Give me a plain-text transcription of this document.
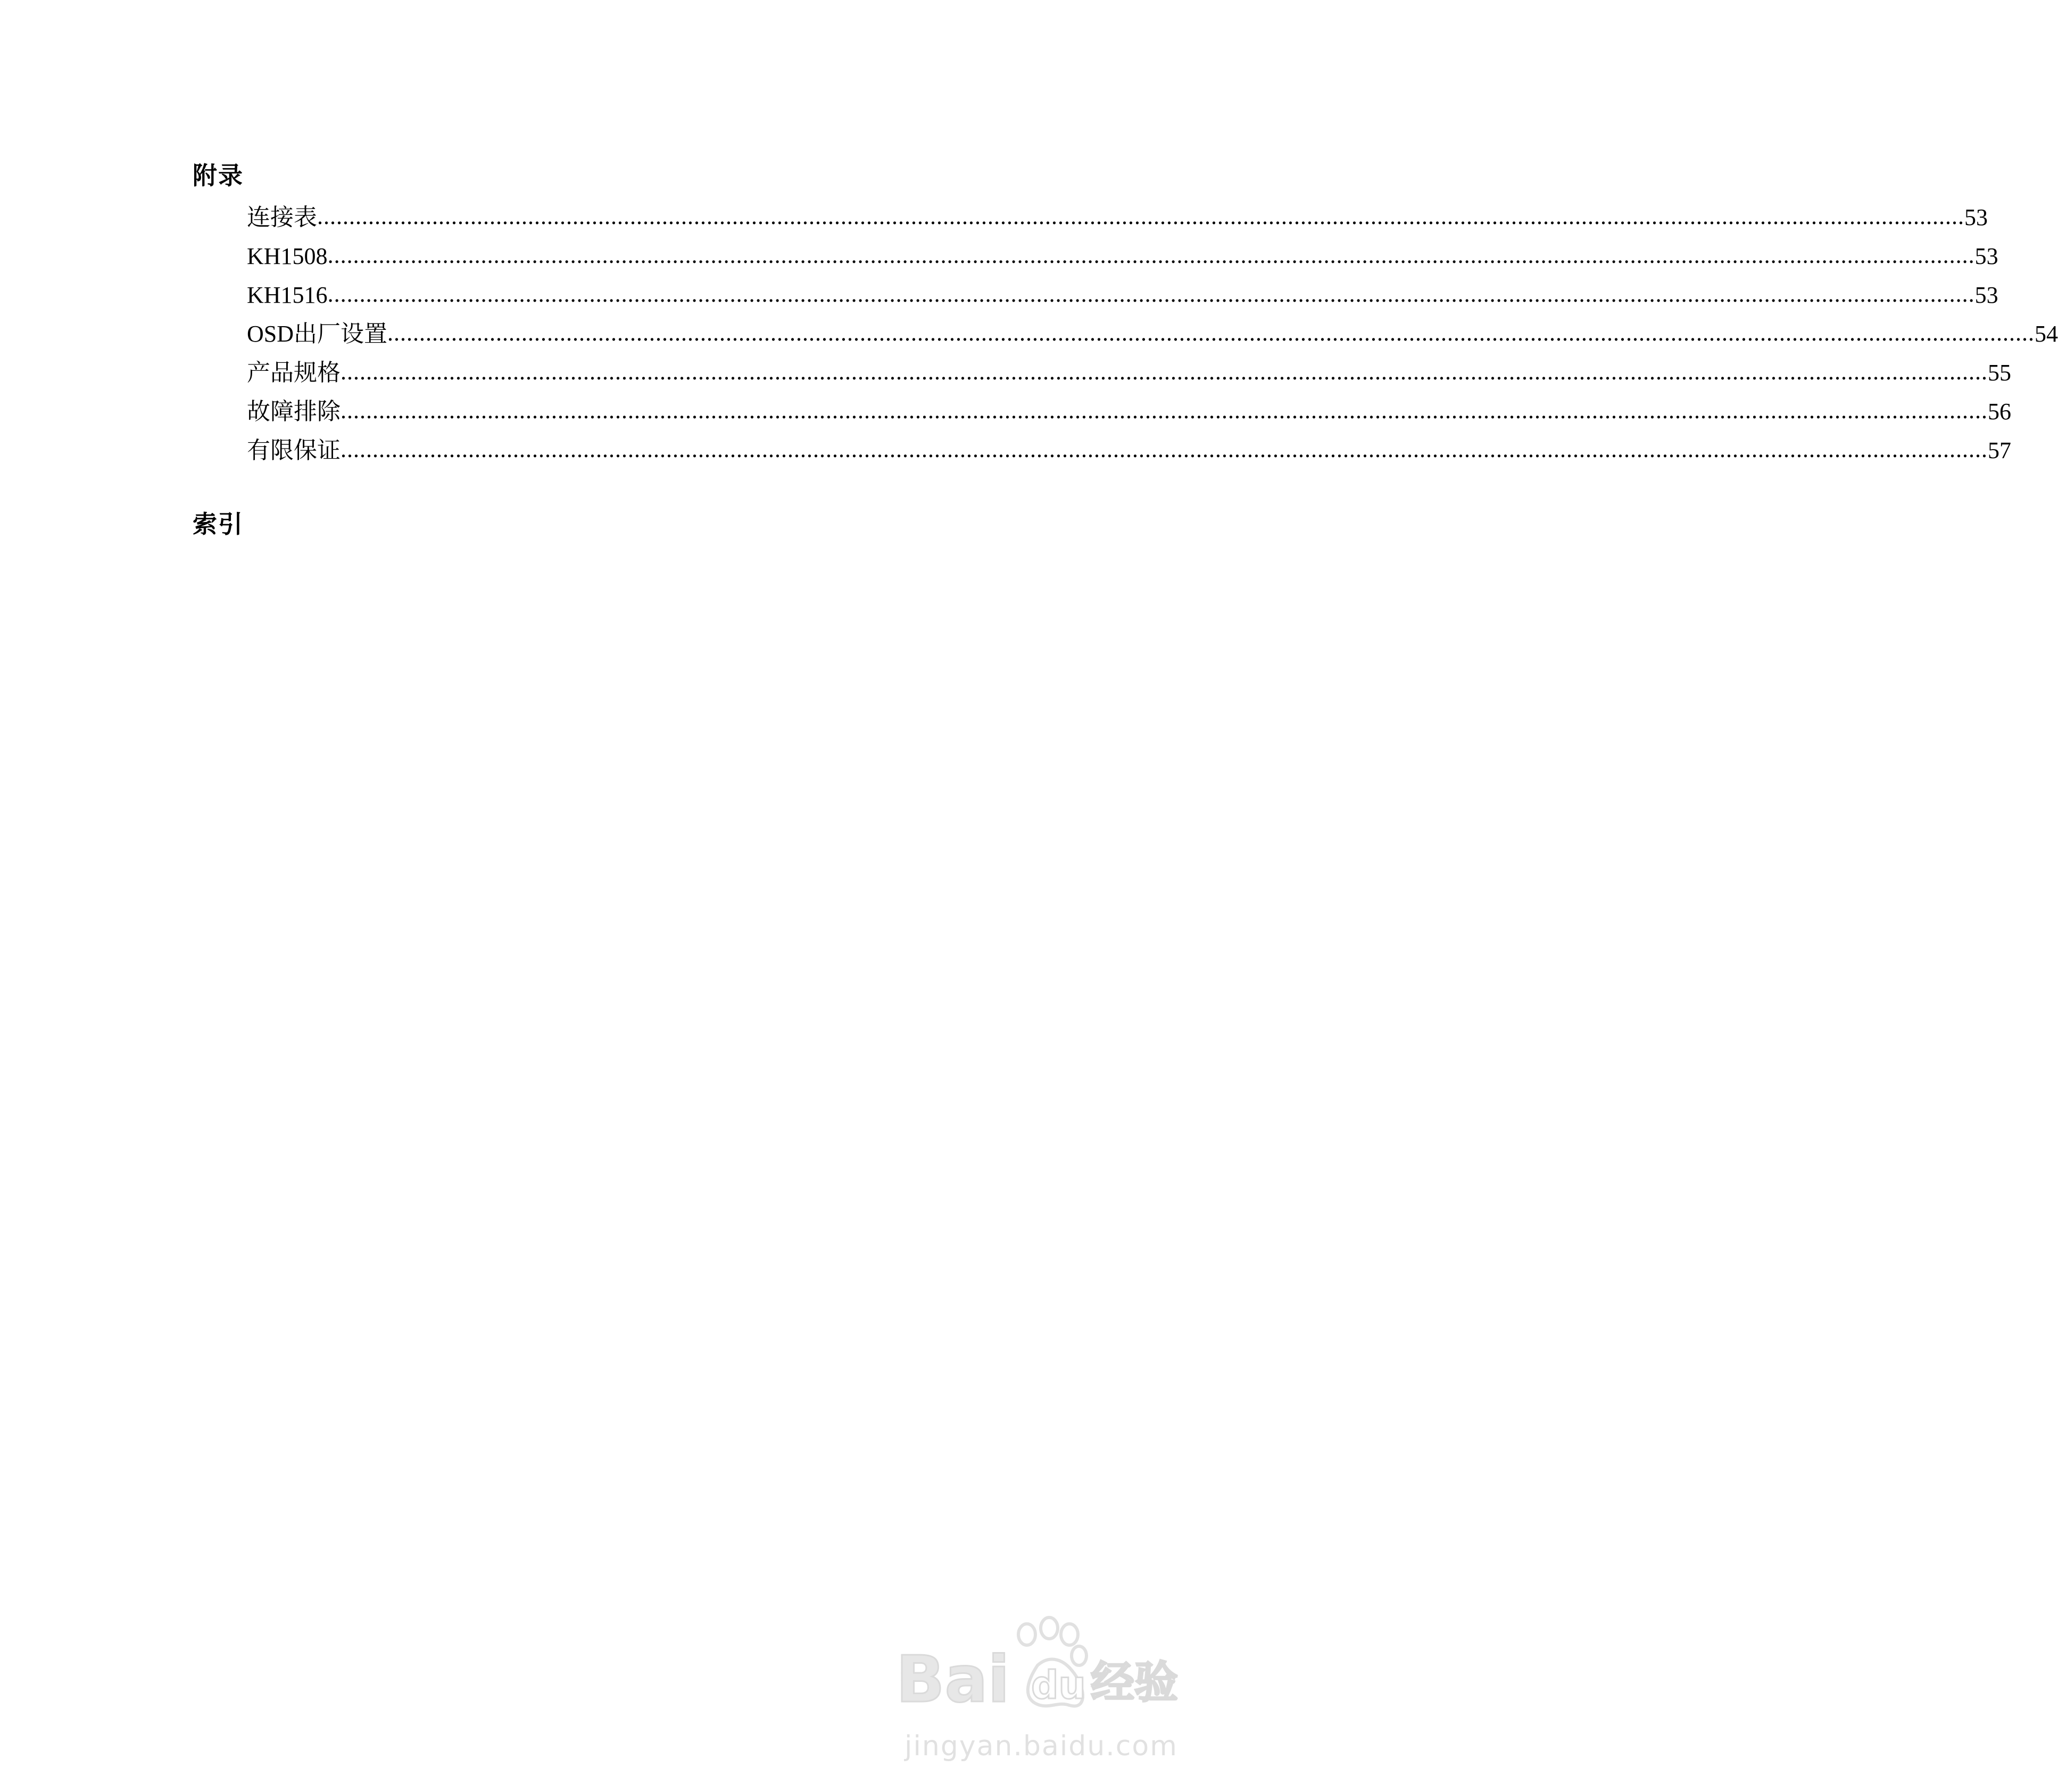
附录
连接表 .................................................................................................................................................................................................................................................................. 53
KH1508 .................................................................................................................................................................................................................................................................. 53
KH1516 .................................................................................................................................................................................................................................................................. 53
OSD出厂设置 .................................................................................................................................................................................................................................................................. 54
产品规格 .................................................................................................................................................................................................................................................................. 55
故障排除 .................................................................................................................................................................................................................................................................. 56
有限保证 .................................................................................................................................................................................................................................................................. 57
索引
Bai du 经验
jingyan.baidu.com
